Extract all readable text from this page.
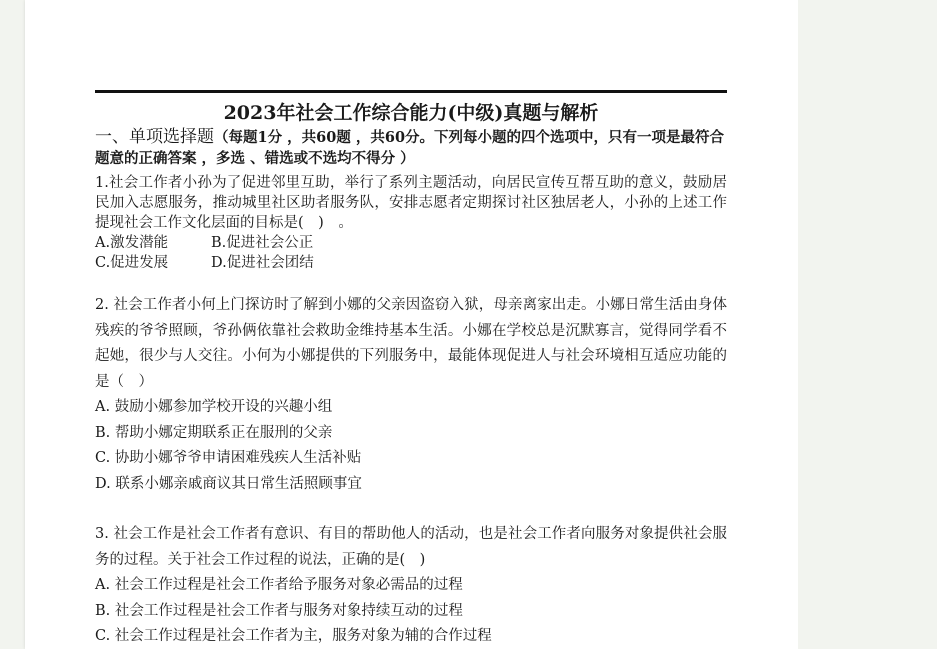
2023年社会工作综合能力(中级)真题与解析

一、单项选择题（每题1分 ，共60题 ，共60分。下列每小题的四个选项中，只有一项是最符合题意的正确答案 ，多选 、错选或不选均不得分 ）

1.社会工作者小孙为了促进邻里互助，举行了系列主题活动，向居民宣传互帮互助的意义，鼓励居民加入志愿服务，推动城里社区助者服务队，安排志愿者定期探讨社区独居老人，小孙的上述工作提现社会工作文化层面的目标是(　)　。

A.激发潜能	B.促进社会公正
C.促进发展	D.促进社会团结

2. 社会工作者小何上门探访时了解到小娜的父亲因盗窃入狱，母亲离家出走。小娜日常生活由身体残疾的爷爷照顾，爷孙俩依靠社会救助金维持基本生活。小娜在学校总是沉默寡言，觉得同学看不起她，很少与人交往。小何为小娜提供的下列服务中，最能体现促进人与社会环境相互适应功能的是（　）

A. 鼓励小娜参加学校开设的兴趣小组
B. 帮助小娜定期联系正在服刑的父亲
C. 协助小娜爷爷申请困难残疾人生活补贴
D. 联系小娜亲戚商议其日常生活照顾事宜

3. 社会工作是社会工作者有意识、有目的帮助他人的活动，也是社会工作者向服务对象提供社会服务的过程。关于社会工作过程的说法，正确的是(　)

A. 社会工作过程是社会工作者给予服务对象必需品的过程
B. 社会工作过程是社会工作者与服务对象持续互动的过程
C. 社会工作过程是社会工作者为主，服务对象为辅的合作过程
